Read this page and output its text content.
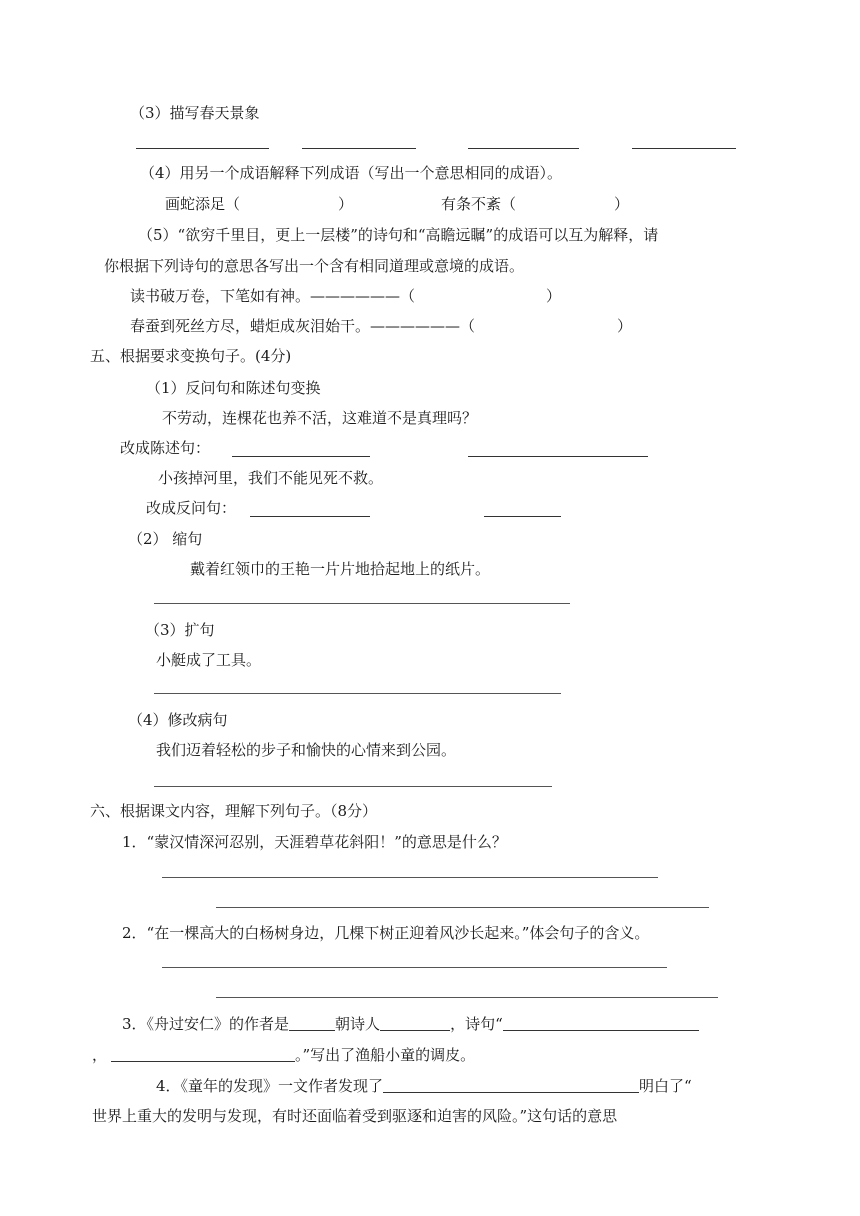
（3）描写春天景象
（4）用另一个成语解释下列成语（写出一个意思相同的成语）。
画蛇添足（	）	有条不紊（	）
（5）“欲穷千里目，更上一层楼”的诗句和“高瞻远瞩”的成语可以互为解释，请
你根据下列诗句的意思各写出一个含有相同道理或意境的成语。
读书破万卷，下笔如有神。——————（	）
春蚕到死丝方尽，蜡炬成灰泪始干。——————（	）
五、根据要求变换句子。(4分)
（1）反问句和陈述句变换
不劳动，连棵花也养不活，这难道不是真理吗？
改成陈述句：
小孩掉河里，我们不能见死不救。
改成反问句：
（2） 缩句
戴着红领巾的王艳一片片地拾起地上的纸片。
（3）扩句
小艇成了工具。
（4）修改病句
我们迈着轻松的步子和愉快的心情来到公园。
六、根据课文内容，理解下列句子。（8分）
1．“蒙汉情深河忍别，天涯碧草花斜阳！”的意思是什么？
2．“在一棵高大的白杨树身边，几棵下树正迎着风沙长起来。”体会句子的含义。
3．《舟过安仁》的作者是	朝诗人	，诗句“
，	。”写出了渔船小童的调皮。
4．《童年的发现》一文作者发现了	明白了“
世界上重大的发明与发现，有时还面临着受到驱逐和迫害的风险。”这句话的意思
